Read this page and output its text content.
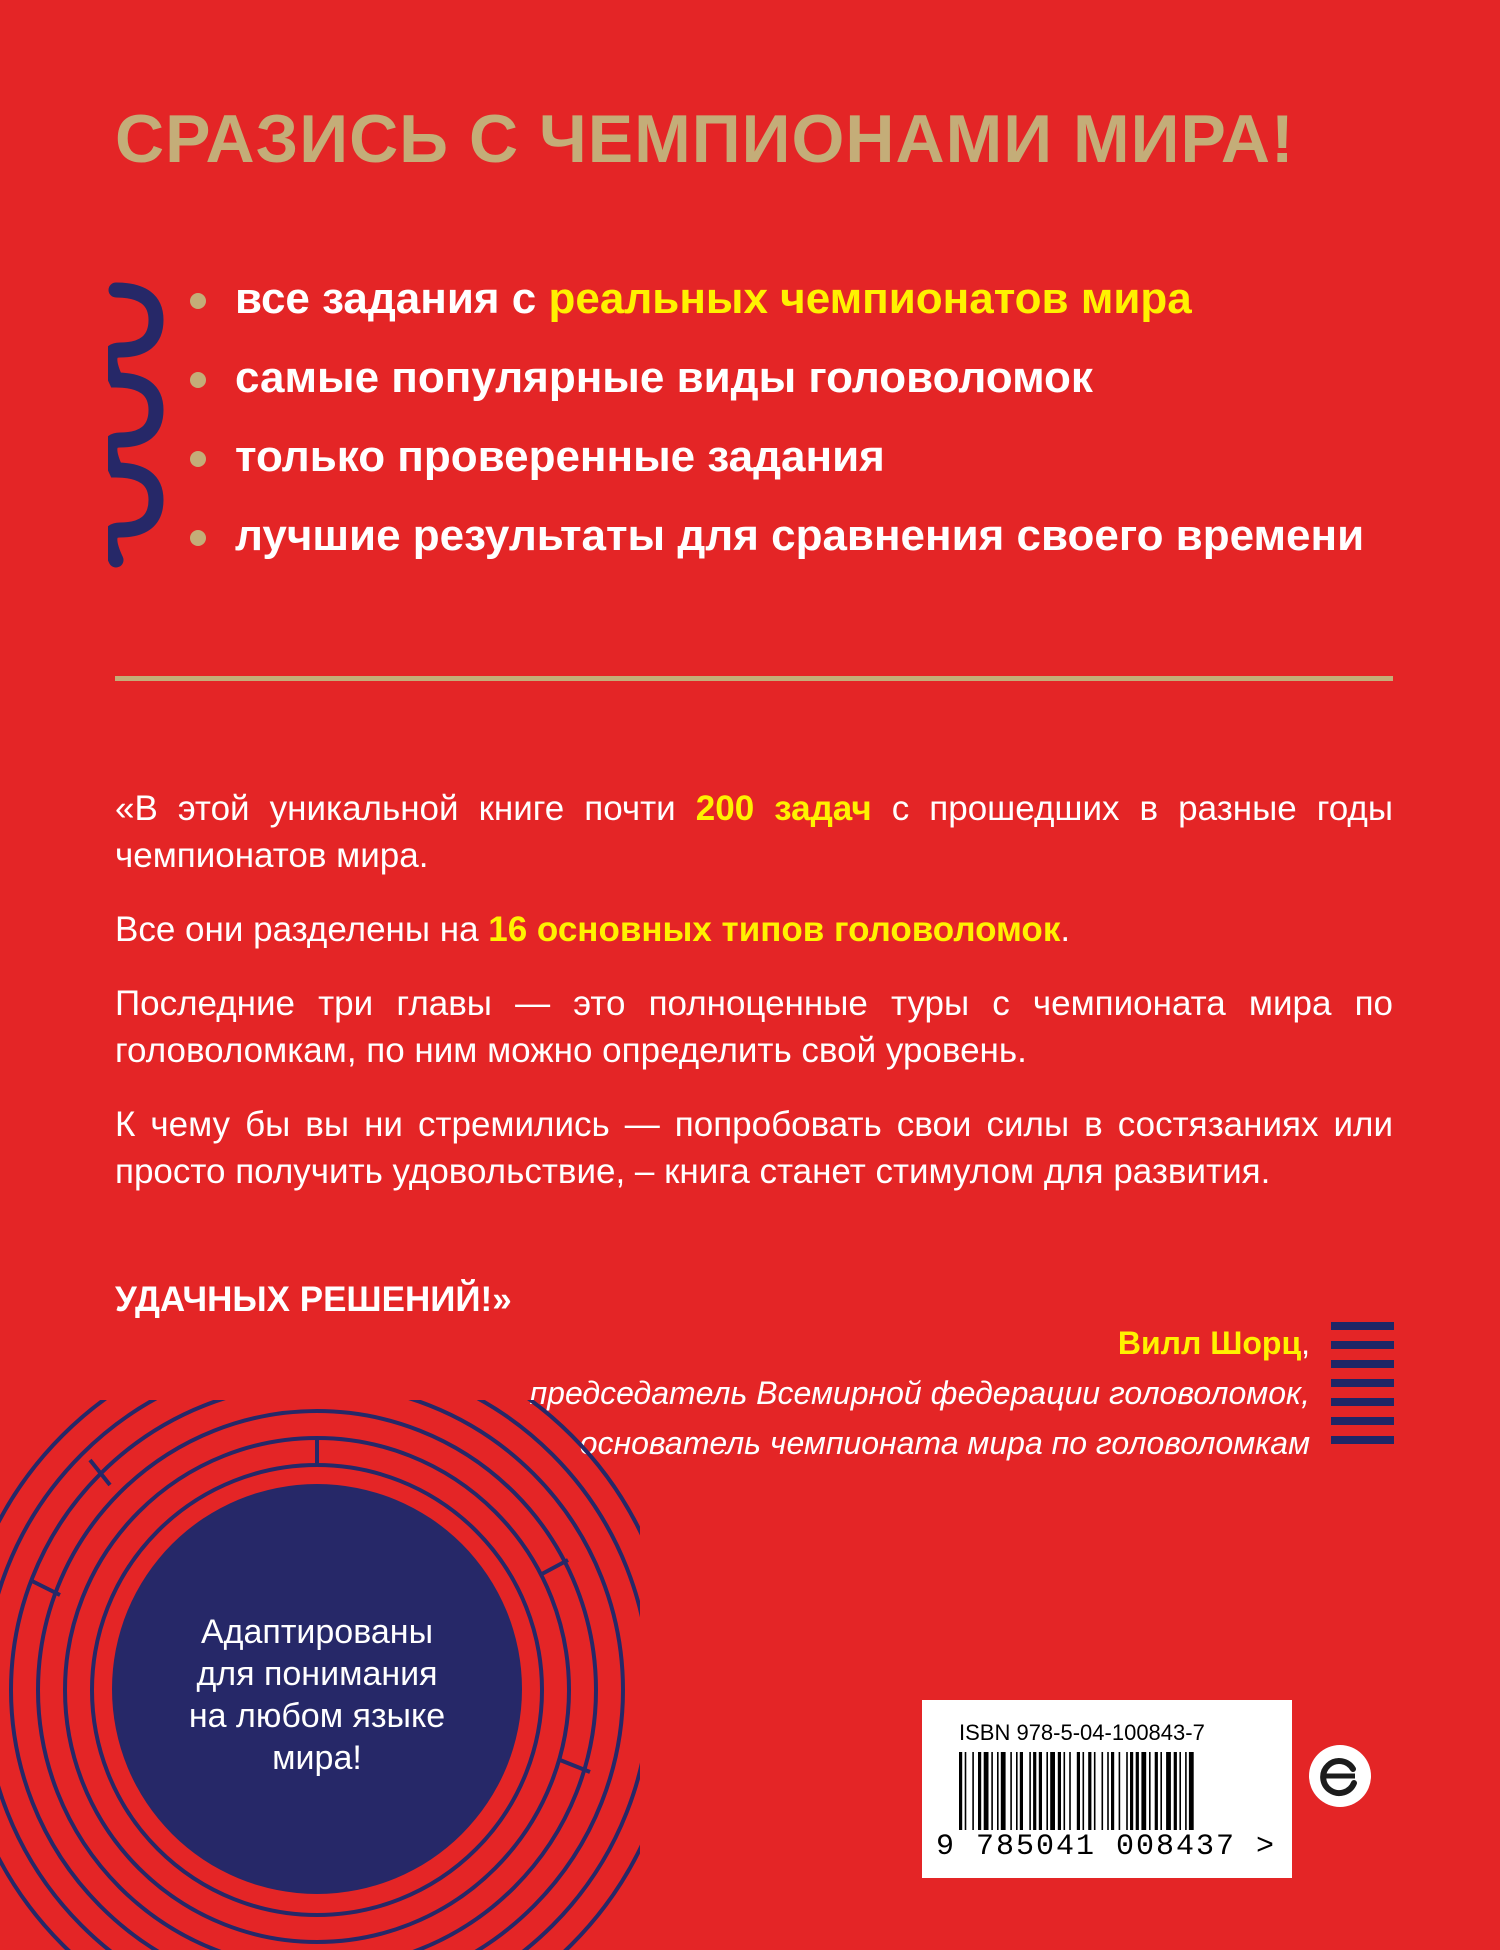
СРАЗИСЬ С ЧЕМПИОНАМИ МИРА!
все задания с реальных чемпионатов мира
самые популярные виды головоломок
только проверенные задания
лучшие результаты для сравнения своего времени

«В этой уникальной книге почти 200 задач с прошедших в разные годы чемпионатов мира.

Все они разделены на 16 основных типов головоломок.

Последние три главы — это полноценные туры с чемпионата мира по головоломкам, по ним можно определить свой уровень.

К чему бы вы ни стремились — попробовать свои силы в состязаниях или просто получить удовольствие, – книга станет стимулом для развития.

УДАЧНЫХ РЕШЕНИЙ!»
Вилл Шорц,
председатель Всемирной федерации головоломок,
основатель чемпионата мира по головоломкам
Адаптированы
для понимания
на любом языке
мира!
ISBN 978-5-04-100843-7
9 785041 008437 >
